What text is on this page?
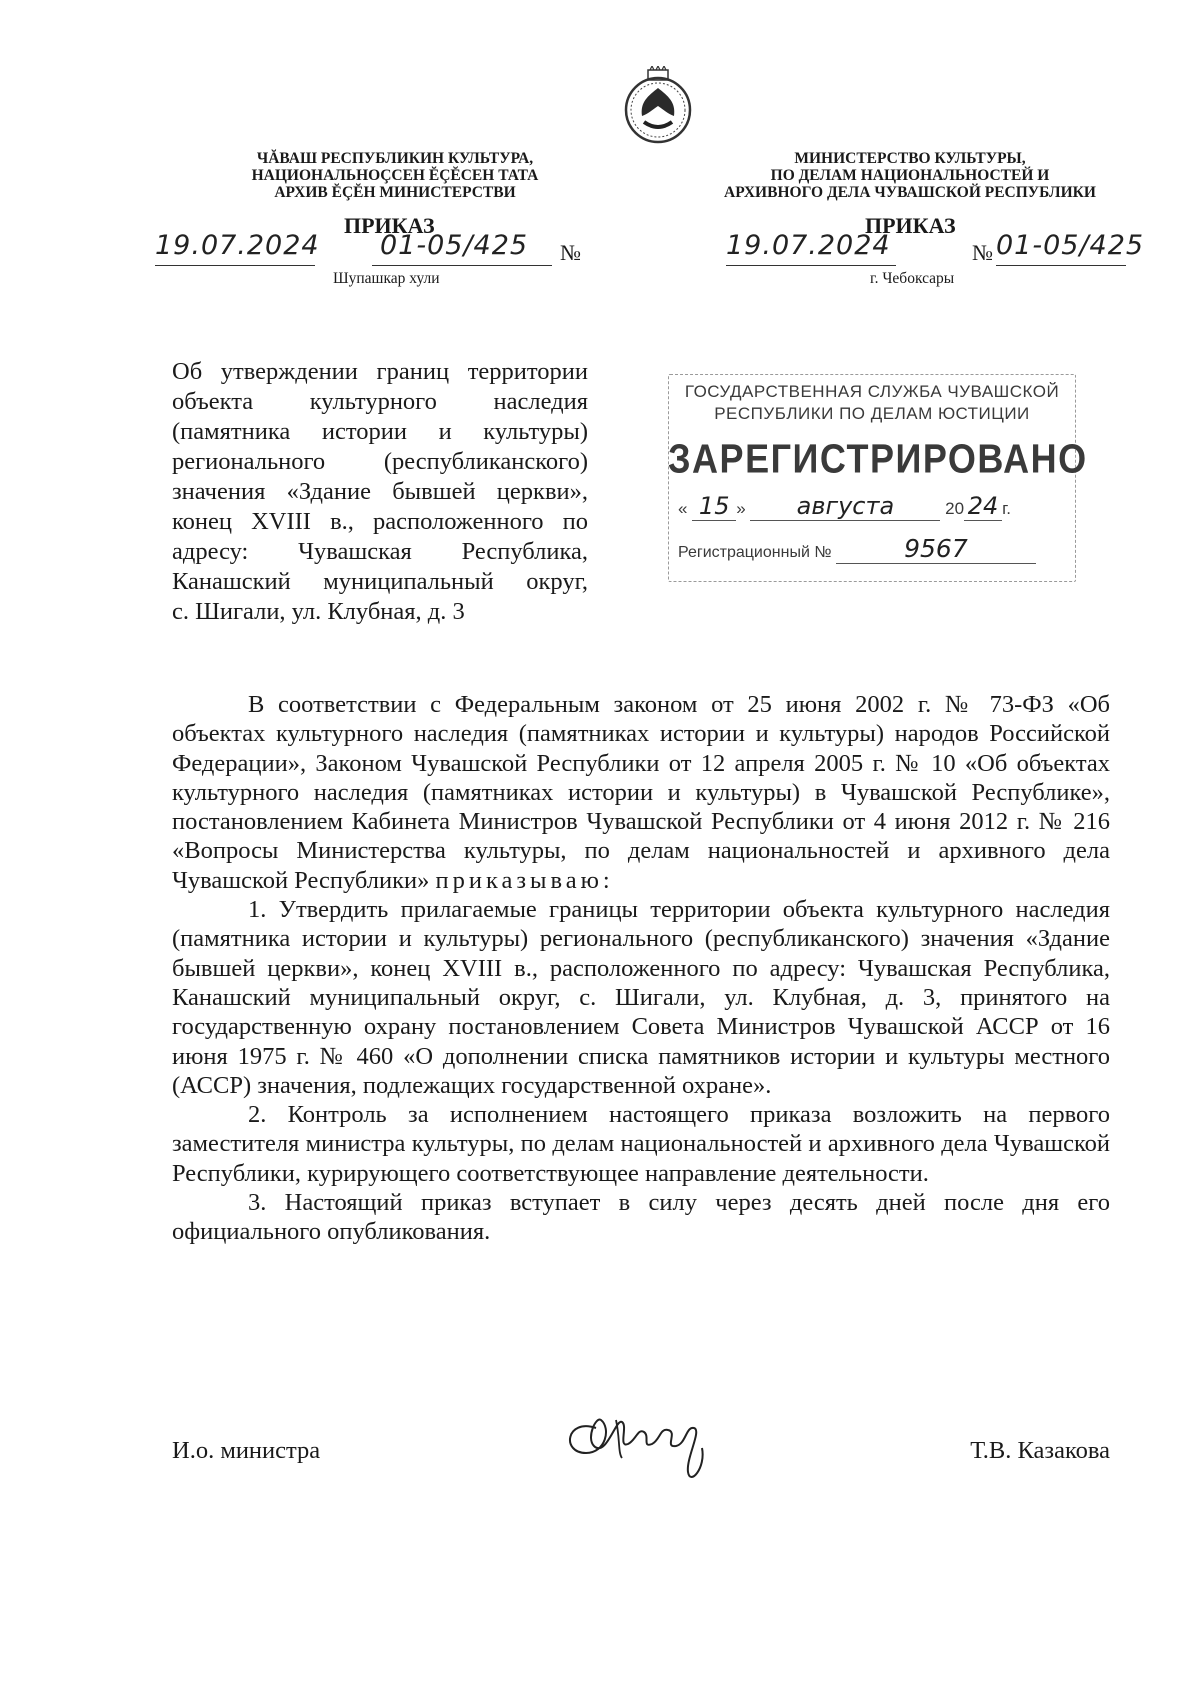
ЧĂВАШ РЕСПУБЛИКИН КУЛЬТУРА,
НАЦИОНАЛЬНОÇСЕН ĔÇĔСЕН ТАТА
АРХИВ ĔÇĔН МИНИСТЕРСТВИ
ПРИКАЗ
19.07.2024 01-05/425 №
Шупашкар хули
МИНИСТЕРСТВО КУЛЬТУРЫ,
ПО ДЕЛАМ НАЦИОНАЛЬНОСТЕЙ И
АРХИВНОГО ДЕЛА ЧУВАШСКОЙ РЕСПУБЛИКИ
ПРИКАЗ
19.07.2024	№ 01-05/425
г. Чебоксары
Об утверждении границ территории
объекта культурного наследия
(памятника истории и культуры)
регионального (республиканского)
значения «Здание бывшей церкви»,
конец XVIII в., расположенного по
адресу: Чувашская Республика,
Канашский муниципальный округ,
с. Шигали, ул. Клубная, д. 3
ГОСУДАРСТВЕННАЯ СЛУЖБА ЧУВАШСКОЙ
РЕСПУБЛИКИ ПО ДЕЛАМ ЮСТИЦИИ
ЗАРЕГИСТРИРОВАНО
« 15 » августа	20 24 г.
Регистрационный №	9567

В соответствии с Федеральным законом от 25 июня 2002 г. № 73-ФЗ «Об объектах культурного наследия (памятниках истории и культуры) народов Российской Федерации», Законом Чувашской Республики от 12 апреля 2005 г. № 10 «Об объектах культурного наследия (памятниках истории и культуры) в Чувашской Республике», постановлением Кабинета Министров Чувашской Республики от 4 июня 2012 г. № 216 «Вопросы Министерства культуры, по делам национальностей и архивного дела Чувашской Республики» приказываю:

1. Утвердить прилагаемые границы территории объекта культурного наследия (памятника истории и культуры) регионального (республиканского) значения «Здание бывшей церкви», конец XVIII в., расположенного по адресу: Чувашская Республика, Канашский муниципальный округ, с. Шигали, ул. Клубная, д. 3, принятого на государственную охрану постановлением Совета Министров Чувашской АССР от 16 июня 1975 г. № 460 «О дополнении списка памятников истории и культуры местного (АССР) значения, подлежащих государственной охране».

2. Контроль за исполнением настоящего приказа возложить на первого заместителя министра культуры, по делам национальностей и архивного дела Чувашской Республики, курирующего соответствующее направление деятельности.

3. Настоящий приказ вступает в силу через десять дней после дня его официального опубликования.

И.о. министра	Т.В. Казакова
